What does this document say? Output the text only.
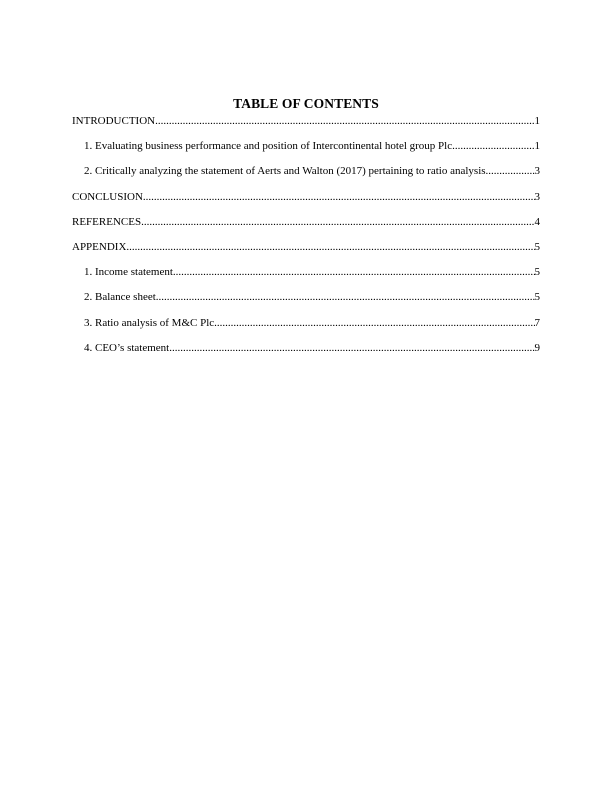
TABLE OF CONTENTS
INTRODUCTION .....	1
1. Evaluating business performance and position of Intercontinental hotel group Plc .....	1
2. Critically analyzing the statement of Aerts and Walton (2017) pertaining to ratio analysis .....	3
CONCLUSION .....	3
REFERENCES .....	4
APPENDIX .....	5
1. Income statement .....	5
2. Balance sheet .....	5
3. Ratio analysis of M&C Plc .....	7
4. CEO’s statement .....	9
